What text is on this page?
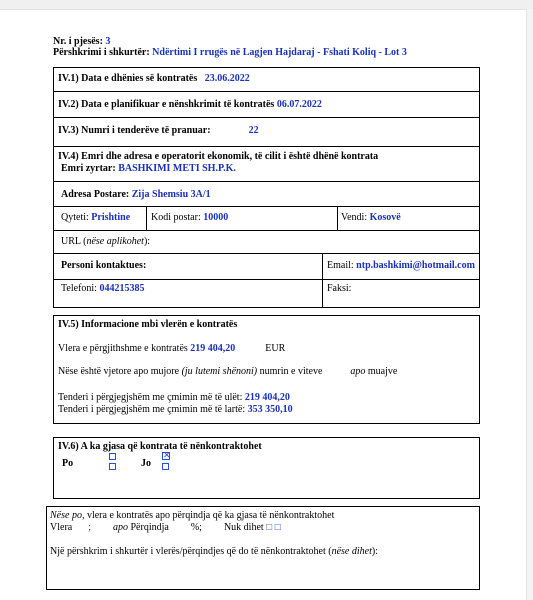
Nr. i pjesës: 3
Përshkrimi i shkurtër: Ndërtimi I rrugës në Lagjen Hajdaraj - Fshati Koliq - Lot 3
IV.1) Data e dhënies së kontratës 23.06.2022
IV.2) Data e planifikuar e nënshkrimit të kontratës 06.07.2022
IV.3) Numri i tenderëve të pranuar:	22
IV.4) Emri dhe adresa e operatorit ekonomik, të cilit i është dhënë kontrata
Emri zyrtar: BASHKIMI METI SH.P.K.
Adresa Postare: Zija Shemsiu 3A/1
Qyteti: Prishtine Kodi postar: 10000	Vendi: Kosovë
URL (nëse aplikohet):
Personi kontaktues:	Email: ntp.bashkimi@hotmail.com
Telefoni: 044215385	Faksi:
IV.5) Informacione mbi vlerën e kontratës
Vlera e përgjithshme e kontratës 219 404,20	EUR
Nëse është vjetore apo mujore (ju lutemi shënoni) numrin e viteve	apo muajve
Tenderi i përgjegjshëm me çmimin më të ulët: 219 404,20
Tenderi i përgjegjshëm me çmimin më të lartë: 353 350,10
IV.6) A ka gjasa që kontrata të nënkontraktohet
Po	Jo
✕
Nëse po, vlera e kontratës apo përqindja që ka gjasa të nënkontraktohet
Vlera ; apo Përqindja %; Nuk dihet □ □
Një përshkrim i shkurtër i vlerës/përqindjes që do të nënkontraktohet (nëse dihet):
